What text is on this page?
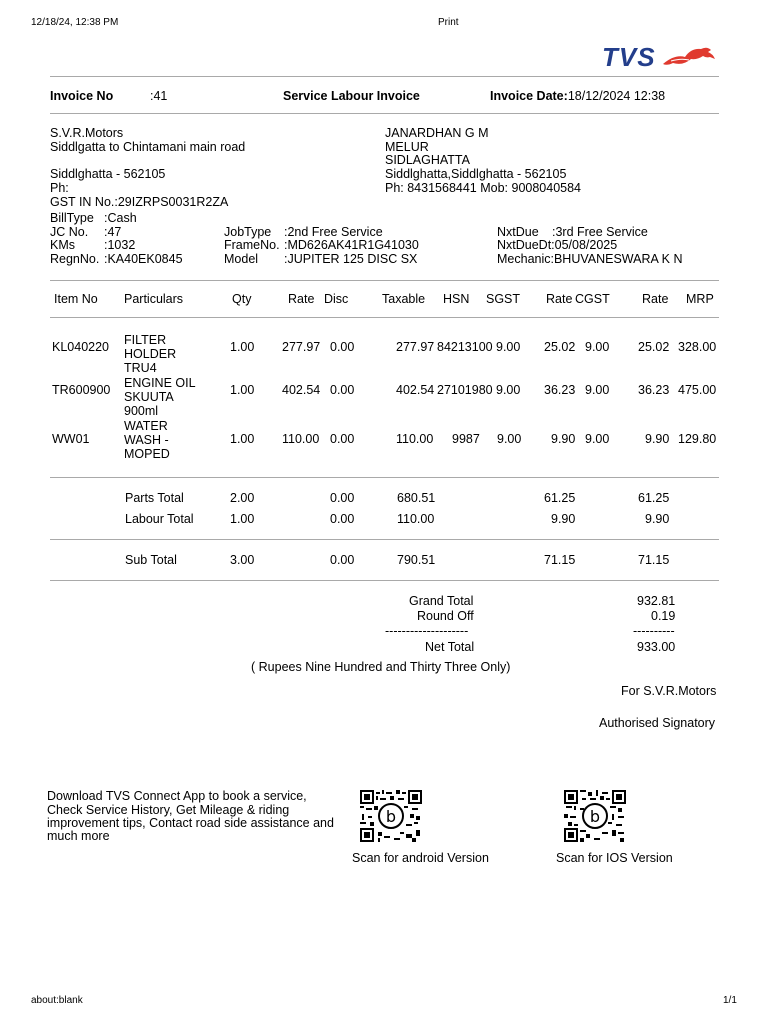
12/18/24, 12:38 PM	Print
about:blank	1/1
TVS
Invoice No	:41	Service Labour Invoice	Invoice Date:18/12/2024 12:38
S.V.R.Motors
Siddlgatta to Chintamani main road
Siddlghatta - 562105
Ph:
GST IN No.:29IZRPS0031R2ZA
JANARDHAN G M
MELUR
SIDLAGHATTA
Siddlghatta,Siddlghatta - 562105
Ph: 8431568441 Mob: 9008040584
BillType :Cash
JC No. :47
KMs :1032
RegnNo. :KA40EK0845
JobType :2nd Free Service
FrameNo. :MD626AK41R1G41030
Model :JUPITER 125 DISC SX
NxtDue :3rd Free Service
NxtDueDt:05/08/2025
Mechanic:BHUVANESWARA K N
Item No Particulars	Qty	Rate Disc	Taxable HSN SGST Rate CGST	Rate MRP
KL040220 FILTER
HOLDER
TRU4
1.00 277.97 0.00	277.97 84213100 9.00 25.02 9.00 25.02 328.00
TR600900 ENGINE OIL
SKUUTA
900ml
1.00 402.54 0.00	402.54 27101980 9.00 36.23 9.00 36.23 475.00
WW01
WATER
WASH -
MOPED
1.00 110.00 0.00	110.00 9987 9.00 9.90 9.00	9.90 129.80
Parts Total	2.00	0.00	680.51	61.25	61.25
Labour Total	1.00	0.00	110.00	9.90	9.90
Sub Total	3.00	0.00	790.51	71.15	71.15
Grand Total	932.81
Round Off	0.19
--------------------	----------
Net Total	933.00
( Rupees Nine Hundred and Thirty Three Only)
For S.V.R.Motors
Authorised Signatory
Download TVS Connect App to book a service,
Check Service History, Get Mileage & riding
improvement tips, Contact road side assistance and
much more
b
Scan for android Version
b
Scan for IOS Version
